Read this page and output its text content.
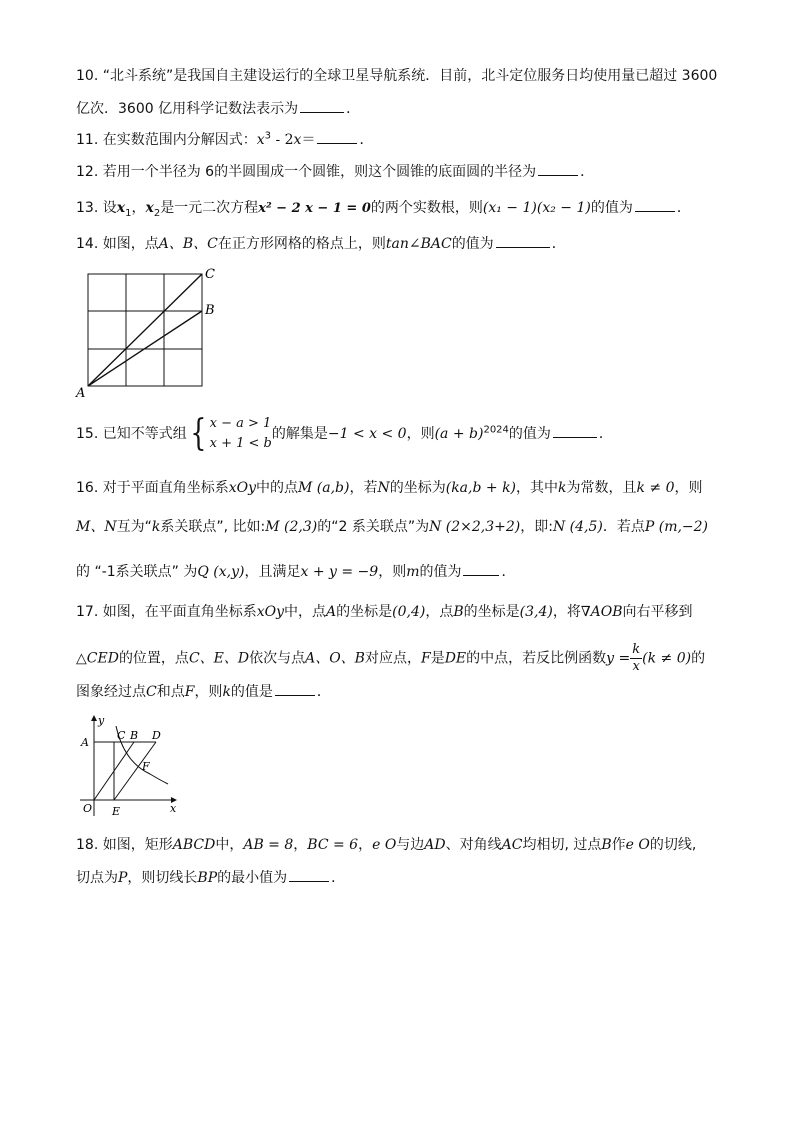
10. “北斗系统”是我国自主建设运行的全球卫星导航系统．目前，北斗定位服务日均使用量已超过 3600
亿次．3600 亿用科学记数法表示为	．
11. 在实数范围内分解因式：$x^3 - 2x=$	．
12. 若用一个半径为 6的半圆围成一个圆锥，则这个圆锥的底面圆的半径为	．
13. 设$x_1$，$x_2$是一元二次方程x² − 2 x − 1 = 0的两个实数根，则(x₁ − 1)(x₂ − 1)的值为	．
14. 如图，点A、B、C在正方形网格的格点上，则tan∠BAC的值为	．
C
B
A
15. 已知不等式组{ x − a > 1
x + 1 < b
的解集是−1 < x < 0，则$(a + b)^{2024}$的值为	．
16. 对于平面直角坐标系xOy中的点M (a,b)，若N的坐标为(ka,b + k)，其中k为常数，且k ≠ 0，则
M、N互为“k系关联点”, 比如:M (2,3)的“2 系关联点”为N (2×2,3+2)，即:N (4,5)．若点P (m,−2)
的 “-1系关联点” 为Q (x,y)，且满足x + y = −9，则m的值为	．
17. 如图，在平面直角坐标系xOy中，点A的坐标是(0,4)，点B的坐标是(3,4)，将∇AOB向右平移到
△CED的位置，点C、E、D依次与点A、O、B对应点，F是DE的中点，若反比例函数$y = \frac{k}{x} (k \ne 0)$的
图象经过点C和点F，则k的值是	．
y
x
A
C B D
F
O E
18. 如图，矩形ABCD中，AB = 8，BC = 6，e O与边AD、对角线AC均相切, 过点B作e O的切线,
切点为P，则切线长BP的最小值为	．
